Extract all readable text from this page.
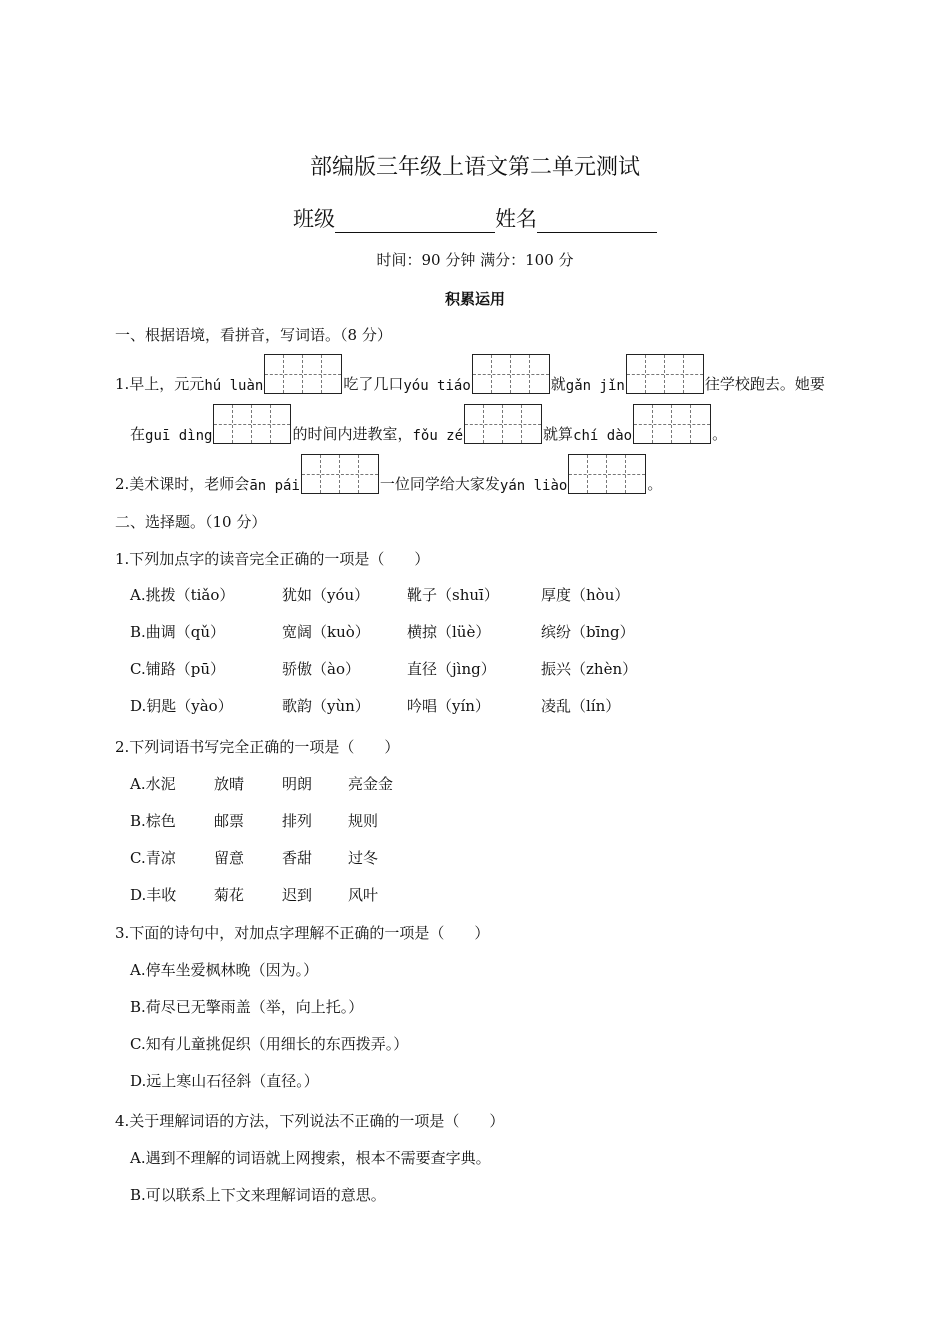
部编版三年级上语文第二单元测试
班级	姓名
时间：90 分钟 满分：100 分
积累运用
一、根据语境，看拼音，写词语。（8 分）
1.早上，元元 hú luàn	吃了几口 yóu tiáo	就 gǎn jǐn	往学校跑去。她要
在 guī dìng	的时间内进教室， fǒu zé	就算 chí dào	。
2.美术课时，老师会 ān pái	一位同学给大家发 yán liào	。
二、选择题。（10 分）
1.下列加点字的读音完全正确的一项是（　　）
A.挑拨（tiǎo）	犹如（yóu）	靴子（shuī）	厚度（hòu）
B.曲调（qǔ）	宽阔（kuò） 横掠（lüè）	缤纷（bīng）
C.铺路（pū）	骄傲（ào）	直径（jìng）	振兴（zhèn）
D.钥匙（yào）	歌韵（yùn） 吟唱（yín）	凌乱（lín）
2.下列词语书写完全正确的一项是（　　）
A.水泥	放晴	明朗 亮金金
B.棕色	邮票	排列 规则
C.青凉	留意	香甜 过冬
D.丰收	菊花	迟到 风叶
3.下面的诗句中，对加点字理解不正确的一项是（　　）
A.停车坐爱枫林晚（因为。）
B.荷尽已无擎雨盖（举，向上托。）
C.知有儿童挑促织（用细长的东西拨弄。）
D.远上寒山石径斜（直径。）
4.关于理解词语的方法，下列说法不正确的一项是（　　）
A.遇到不理解的词语就上网搜索，根本不需要查字典。
B.可以联系上下文来理解词语的意思。
